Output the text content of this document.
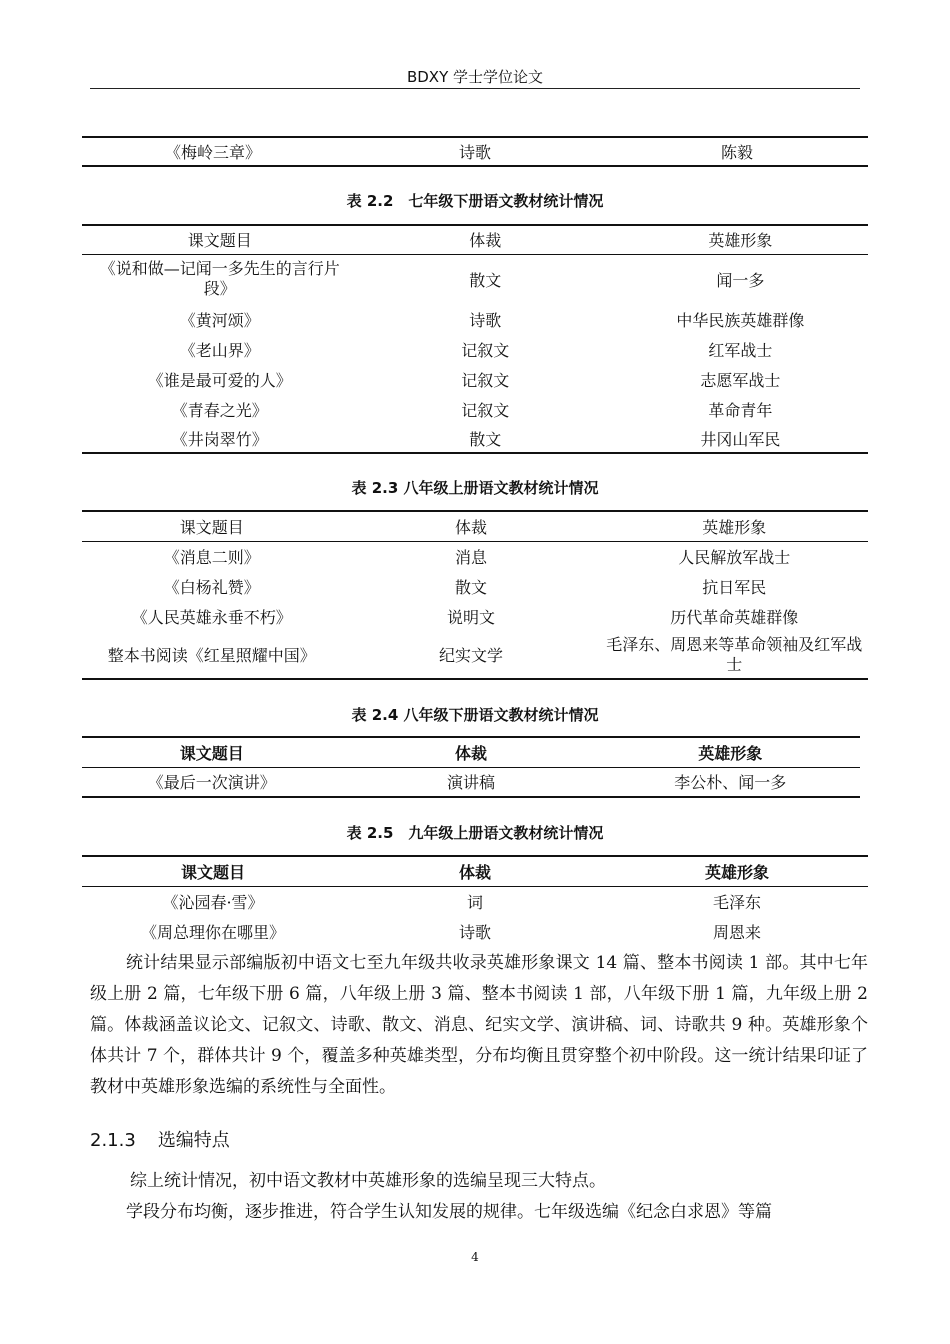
BDXY 学士学位论文
《梅岭三章》	诗歌	陈毅
表 2.2　七年级下册语文教材统计情况
课文题目	体裁	英雄形象
《说和做—记闻一多先生的言行片段》	散文	闻一多
《黄河颂》	诗歌	中华民族英雄群像
《老山界》	记叙文	红军战士
《谁是最可爱的人》	记叙文	志愿军战士
《青春之光》	记叙文	革命青年
《井岗翠竹》	散文	井冈山军民
表 2.3 八年级上册语文教材统计情况
课文题目	体裁	英雄形象
《消息二则》	消息	人民解放军战士
《白杨礼赞》	散文	抗日军民
《人民英雄永垂不朽》	说明文	历代革命英雄群像
整本书阅读《红星照耀中国》	纪实文学	毛泽东、周恩来等革命领袖及红军战士
表 2.4 八年级下册语文教材统计情况
课文题目	体裁	英雄形象
《最后一次演讲》	演讲稿	李公朴、闻一多
表 2.5　九年级上册语文教材统计情况
课文题目	体裁	英雄形象
《沁园春·雪》	词	毛泽东
《周总理你在哪里》	诗歌	周恩来
统计结果显示部编版初中语文七至九年级共收录英雄形象课文 14 篇、整本书阅读 1 部。其中七年级上册 2 篇，七年级下册 6 篇，八年级上册 3 篇、整本书阅读 1 部，八年级下册 1 篇，九年级上册 2 篇。体裁涵盖议论文、记叙文、诗歌、散文、消息、纪实文学、演讲稿、词、诗歌共 9 种。英雄形象个体共计 7 个，群体共计 9 个，覆盖多种英雄类型，分布均衡且贯穿整个初中阶段。这一统计结果印证了教材中英雄形象选编的系统性与全面性。
2.1.3 选编特点
综上统计情况，初中语文教材中英雄形象的选编呈现三大特点。
学段分布均衡，逐步推进，符合学生认知发展的规律。七年级选编《纪念白求恩》等篇
4
